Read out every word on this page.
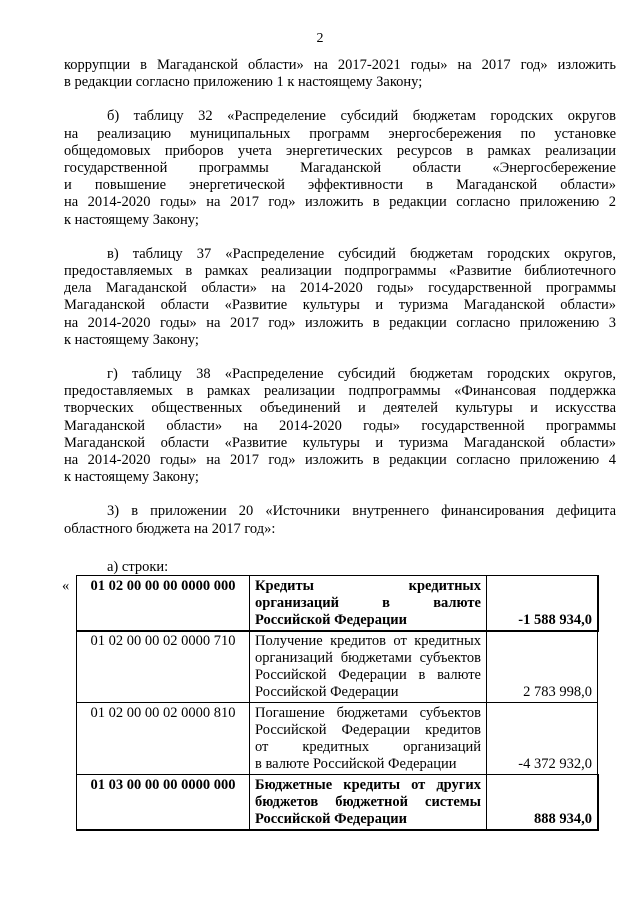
2
коррупции в Магаданской области» на 2017-2021 годы» на 2017 год» изложить
в редакции согласно приложению 1 к настоящему Закону;
б) таблицу 32 «Распределение субсидий бюджетам городских округов
на реализацию муниципальных программ энергосбережения по установке
общедомовых приборов учета энергетических ресурсов в рамках реализации
государственной программы Магаданской области «Энергосбережение
и повышение энергетической эффективности в Магаданской области»
на 2014-2020 годы» на 2017 год» изложить в редакции согласно приложению 2
к настоящему Закону;
в) таблицу 37 «Распределение субсидий бюджетам городских округов,
предоставляемых в рамках реализации подпрограммы «Развитие библиотечного
дела Магаданской области» на 2014-2020 годы» государственной программы
Магаданской области «Развитие культуры и туризма Магаданской области»
на 2014-2020 годы» на 2017 год» изложить в редакции согласно приложению 3
к настоящему Закону;
г) таблицу 38 «Распределение субсидий бюджетам городских округов,
предоставляемых в рамках реализации подпрограммы «Финансовая поддержка
творческих общественных объединений и деятелей культуры и искусства
Магаданской области» на 2014-2020 годы» государственной программы
Магаданской области «Развитие культуры и туризма Магаданской области»
на 2014-2020 годы» на 2017 год» изложить в редакции согласно приложению 4
к настоящему Закону;
3) в приложении 20 «Источники внутреннего финансирования дефицита
областного бюджета на 2017 год»:
а) строки:
« 01 02 00 00 00 0000 000	Кредиты кредитных
организаций в валюте
Российской Федерации	-1 588 934,0
01 02 00 00 02 0000 710	Получение кредитов от кредитных
организаций бюджетами субъектов
Российской Федерации в валюте
Российской Федерации	2 783 998,0
01 02 00 00 02 0000 810	Погашение бюджетами субъектов
Российской Федерации кредитов
от кредитных организаций
в валюте Российской Федерации	-4 372 932,0
01 03 00 00 00 0000 000	Бюджетные кредиты от других
бюджетов бюджетной системы
Российской Федерации	888 934,0
